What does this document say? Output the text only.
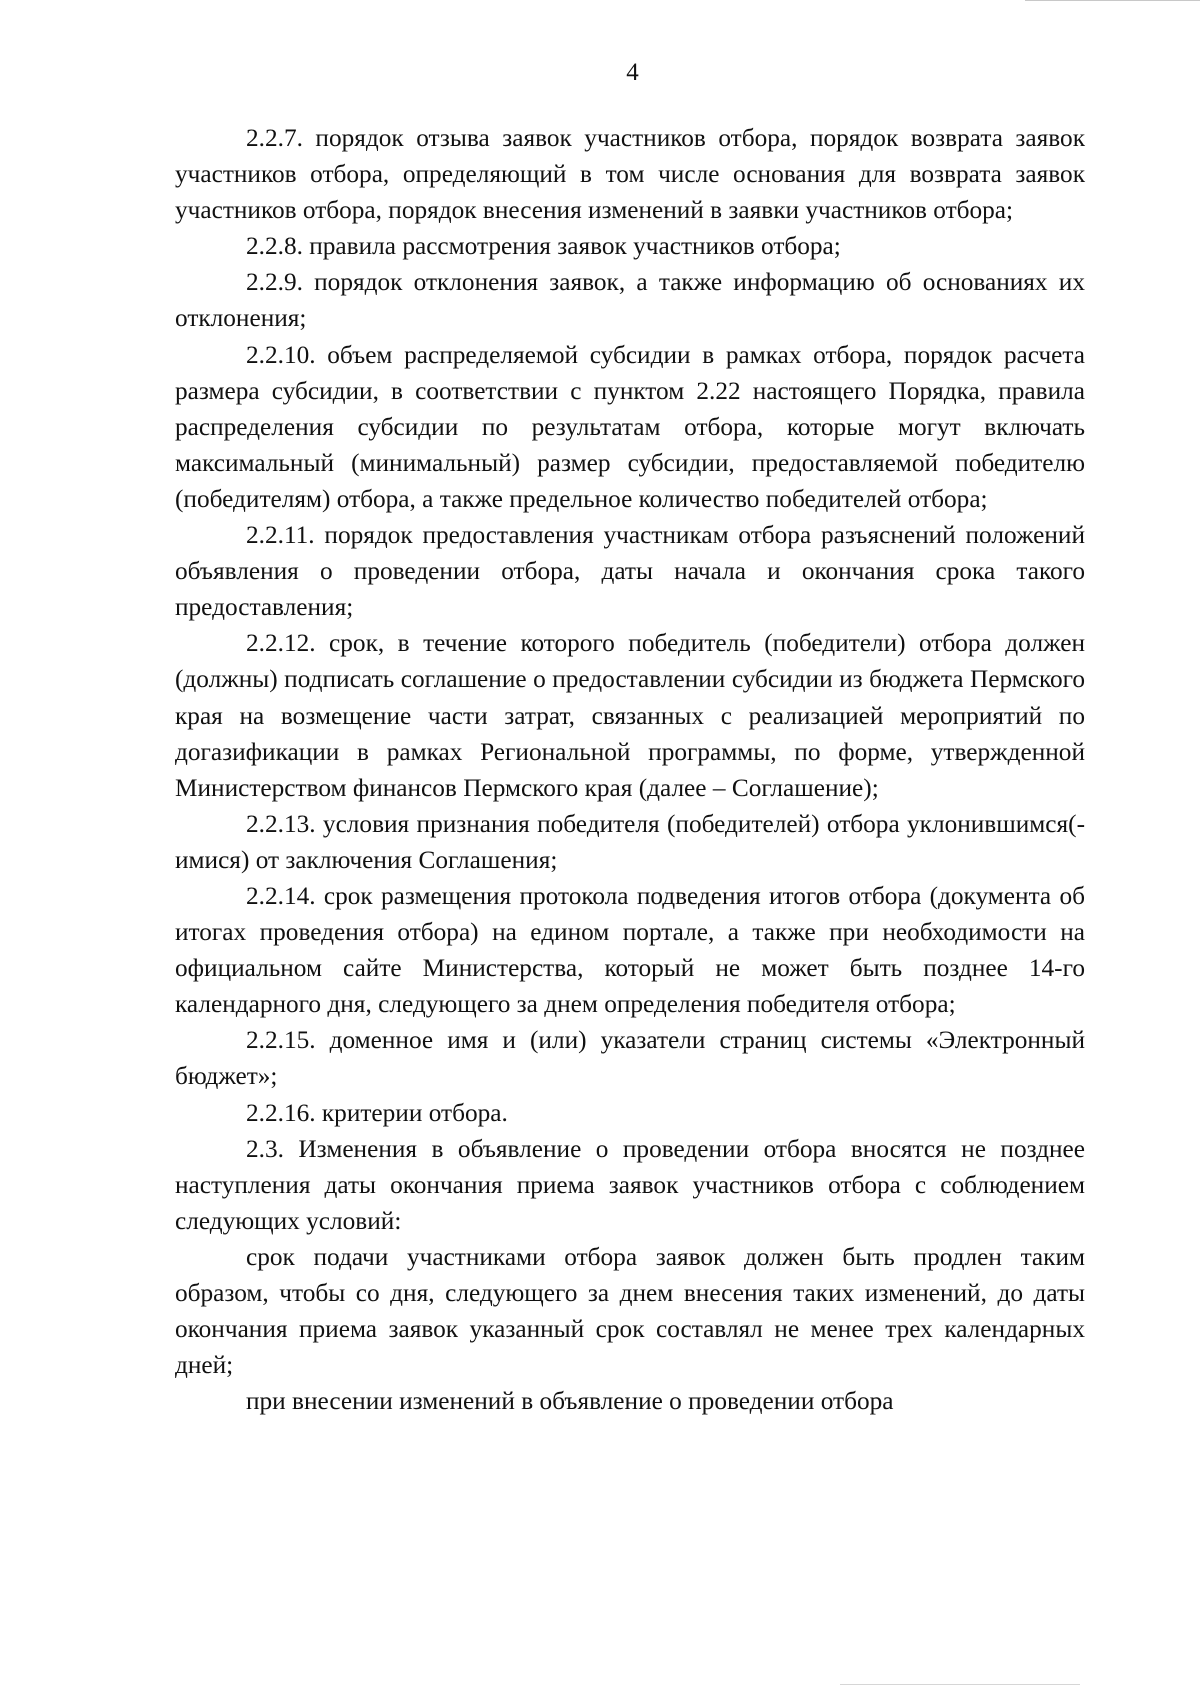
4

2.2.7. порядок отзыва заявок участников отбора, порядок возврата заявок участников отбора, определяющий в том числе основания для возврата заявок участников отбора, порядок внесения изменений в заявки участников отбора;

2.2.8. правила рассмотрения заявок участников отбора;

2.2.9. порядок отклонения заявок, а также информацию об основаниях их отклонения;

2.2.10. объем распределяемой субсидии в рамках отбора, порядок расчета размера субсидии, в соответствии с пунктом 2.22 настоящего Порядка, правила распределения субсидии по результатам отбора, которые могут включать максимальный (минимальный) размер субсидии, предоставляемой победителю (победителям) отбора, а также предельное количество победителей отбора;

2.2.11. порядок предоставления участникам отбора разъяснений положений объявления о проведении отбора, даты начала и окончания срока такого предоставления;

2.2.12. срок, в течение которого победитель (победители) отбора должен (должны) подписать соглашение о предоставлении субсидии из бюджета Пермского края на возмещение части затрат, связанных с реализацией мероприятий по догазификации в рамках Региональной программы, по форме, утвержденной Министерством финансов Пермского края (далее – Соглашение);

2.2.13. условия признания победителя (победителей) отбора уклонившимся(-имися) от заключения Соглашения;

2.2.14. срок размещения протокола подведения итогов отбора (документа об итогах проведения отбора) на едином портале, а также при необходимости на официальном сайте Министерства, который не может быть позднее 14-го календарного дня, следующего за днем определения победителя отбора;

2.2.15. доменное имя и (или) указатели страниц системы «Электронный бюджет»;

2.2.16. критерии отбора.

2.3. Изменения в объявление о проведении отбора вносятся не позднее наступления даты окончания приема заявок участников отбора с соблюдением следующих условий:

срок подачи участниками отбора заявок должен быть продлен таким образом, чтобы со дня, следующего за днем внесения таких изменений, до даты окончания приема заявок указанный срок составлял не менее трех календарных дней;

при внесении изменений в объявление о проведении отбора
